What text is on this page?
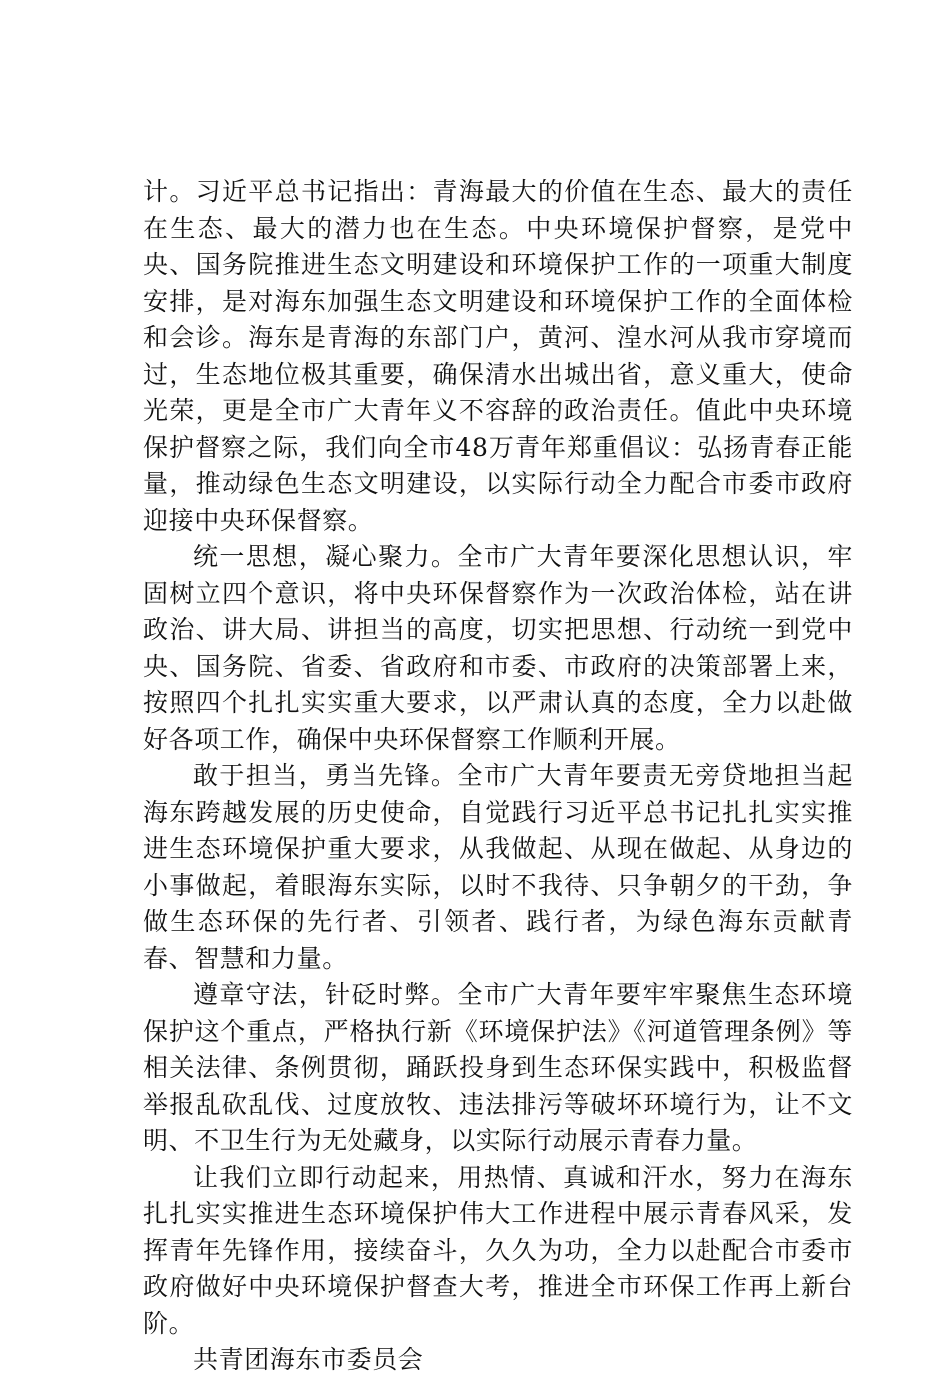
计。习近平总书记指出：青海最大的价值在生态、最大的责任在生态、最大的潜力也在生态。中央环境保护督察，是党中央、国务院推进生态文明建设和环境保护工作的一项重大制度安排，是对海东加强生态文明建设和环境保护工作的全面体检和会诊。海东是青海的东部门户，黄河、湟水河从我市穿境而过，生态地位极其重要，确保清水出城出省，意义重大，使命光荣，更是全市广大青年义不容辞的政治责任。值此中央环境保护督察之际，我们向全市48万青年郑重倡议：弘扬青春正能量，推动绿色生态文明建设，以实际行动全力配合市委市政府迎接中央环保督察。

统一思想，凝心聚力。全市广大青年要深化思想认识，牢固树立四个意识，将中央环保督察作为一次政治体检，站在讲政治、讲大局、讲担当的高度，切实把思想、行动统一到党中央、国务院、省委、省政府和市委、市政府的决策部署上来，按照四个扎扎实实重大要求，以严肃认真的态度，全力以赴做好各项工作，确保中央环保督察工作顺利开展。

敢于担当，勇当先锋。全市广大青年要责无旁贷地担当起海东跨越发展的历史使命，自觉践行习近平总书记扎扎实实推进生态环境保护重大要求，从我做起、从现在做起、从身边的小事做起，着眼海东实际，以时不我待、只争朝夕的干劲，争做生态环保的先行者、引领者、践行者，为绿色海东贡献青春、智慧和力量。

遵章守法，针砭时弊。全市广大青年要牢牢聚焦生态环境保护这个重点，严格执行新《环境保护法》《河道管理条例》等相关法律、条例贯彻，踊跃投身到生态环保实践中，积极监督举报乱砍乱伐、过度放牧、违法排污等破坏环境行为，让不文明、不卫生行为无处藏身，以实际行动展示青春力量。

让我们立即行动起来，用热情、真诚和汗水，努力在海东扎扎实实推进生态环境保护伟大工作进程中展示青春风采，发挥青年先锋作用，接续奋斗，久久为功，全力以赴配合市委市政府做好中央环境保护督查大考，推进全市环保工作再上新台阶。

共青团海东市委员会
